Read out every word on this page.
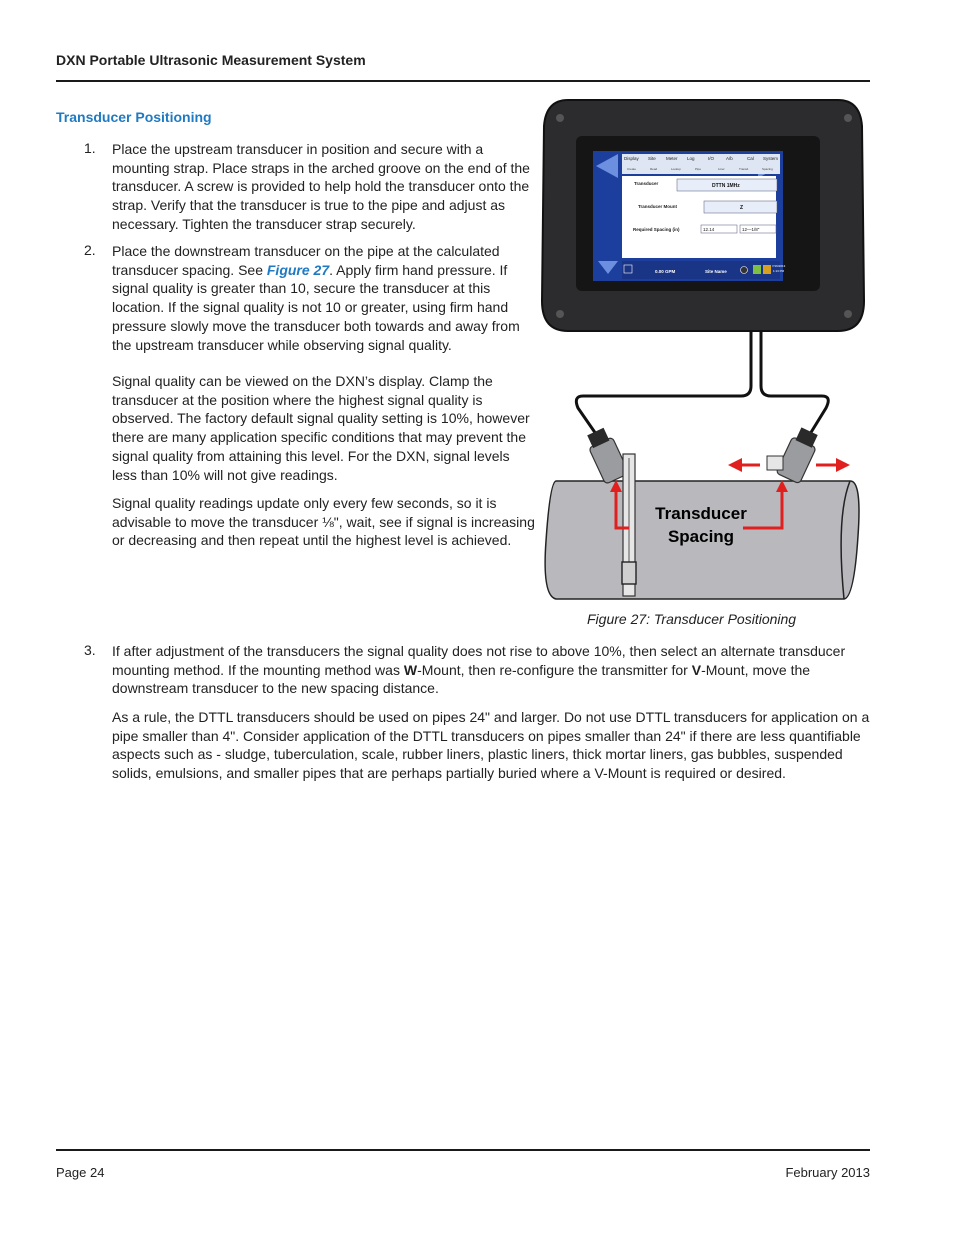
DXN Portable Ultrasonic Measurement System
Transducer Positioning
1. Place the upstream transducer in position and secure with a mounting strap. Place straps in the arched groove on the end of the transducer. A screw is provided to help hold the transducer onto the strap. Verify that the transducer is true to the pipe and adjust as necessary. Tighten the transducer strap securely.
2. Place the downstream transducer on the pipe at the calculated transducer spacing. See Figure 27. Apply firm hand pressure. If signal quality is greater than 10, secure the transducer at this location. If the signal quality is not 10 or greater, using firm hand pressure slowly move the transducer both towards and away from the upstream transducer while observing signal quality.
Signal quality can be viewed on the DXN’s display. Clamp the transducer at the position where the highest signal quality is observed. The factory default signal quality setting is 10%, however there are many application specific conditions that may prevent the signal quality from attaining this level. For the DXN, signal levels less than 10% will not give readings.
Signal quality readings update only every few seconds, so it is advisable to move the transducer ⅛", wait, see if signal is increasing or decreasing and then repeat until the highest level is achieved.
Display Site Meter Log	I/O	A/b	Cal System
Create	Read	Lookup	Pipe	Liner	Transd.	Spacing
Transducer
Transducer Mount
Required Spacing (in)
DTTN 1MHz
Z
12.14	12—1/8"
0.00 GPM	Site Name
7/16/2013
1:13 PM
Transducer
Spacing
Figure 27: Transducer Positioning
3. If after adjustment of the transducers the signal quality does not rise to above 10%, then select an alternate transducer mounting method. If the mounting method was W-Mount, then re-configure the transmitter for V-Mount, move the downstream transducer to the new spacing distance.
As a rule, the DTTL transducers should be used on pipes 24" and larger. Do not use DTTL transducers for application on a pipe smaller than 4". Consider application of the DTTL transducers on pipes smaller than 24" if there are less quantifiable aspects such as - sludge, tuberculation, scale, rubber liners, plastic liners, thick mortar liners, gas bubbles, suspended solids, emulsions, and smaller pipes that are perhaps partially buried where a V-Mount is required or desired.
Page 24	February 2013
